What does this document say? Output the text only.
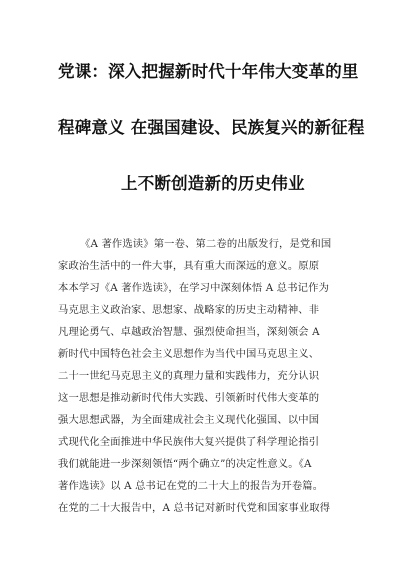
党课：深入把握新时代十年伟大变革的里
程碑意义 在强国建设、民族复兴的新征程
上不断创造新的历史伟业
《A 著作选读》第一卷、第二卷的出版发行，是党和国
家政治生活中的一件大事，具有重大而深远的意义。原原
本本学习《A 著作选读》，在学习中深刻体悟 A 总书记作为
马克思主义政治家、思想家、战略家的历史主动精神、非
凡理论勇气、卓越政治智慧、强烈使命担当，深刻领会 A
新时代中国特色社会主义思想作为当代中国马克思主义、
二十一世纪马克思主义的真理力量和实践伟力，充分认识
这一思想是推动新时代伟大实践、引领新时代伟大变革的
强大思想武器，为全面建成社会主义现代化强国、以中国
式现代化全面推进中华民族伟大复兴提供了科学理论指引
我们就能进一步深刻领悟“两个确立”的决定性意义。《A
著作选读》以 A 总书记在党的二十大上的报告为开卷篇。
在党的二十大报告中，A 总书记对新时代党和国家事业取得
